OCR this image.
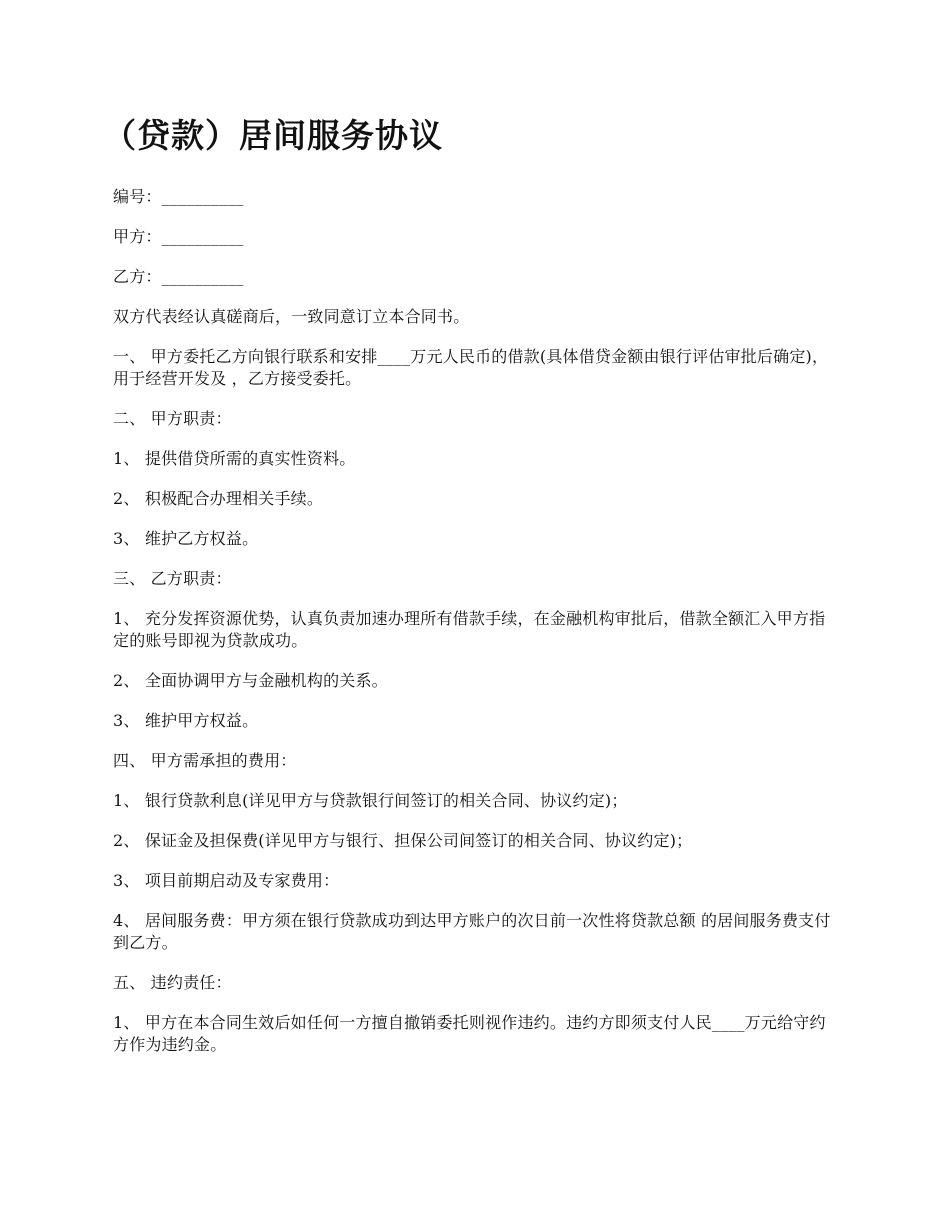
（贷款）居间服务协议

编号：__________

甲方：__________

乙方：__________

双方代表经认真磋商后，一致同意订立本合同书。

一、 甲方委托乙方向银行联系和安排____万元人民币的借款(具体借贷金额由银行评估审批后确定)，用于经营开发及 ，乙方接受委托。

二、 甲方职责：

1、 提供借贷所需的真实性资料。

2、 积极配合办理相关手续。

3、 维护乙方权益。

三、 乙方职责：

1、 充分发挥资源优势，认真负责加速办理所有借款手续，在金融机构审批后，借款全额汇入甲方指定的账号即视为贷款成功。

2、 全面协调甲方与金融机构的关系。

3、 维护甲方权益。

四、 甲方需承担的费用：

1、 银行贷款利息(详见甲方与贷款银行间签订的相关合同、协议约定)；

2、 保证金及担保费(详见甲方与银行、担保公司间签订的相关合同、协议约定)；

3、 项目前期启动及专家费用：

4、 居间服务费：甲方须在银行贷款成功到达甲方账户的次日前一次性将贷款总额 的居间服务费支付到乙方。

五、 违约责任：

1、 甲方在本合同生效后如任何一方擅自撤销委托则视作违约。违约方即须支付人民____万元给守约方作为违约金。
